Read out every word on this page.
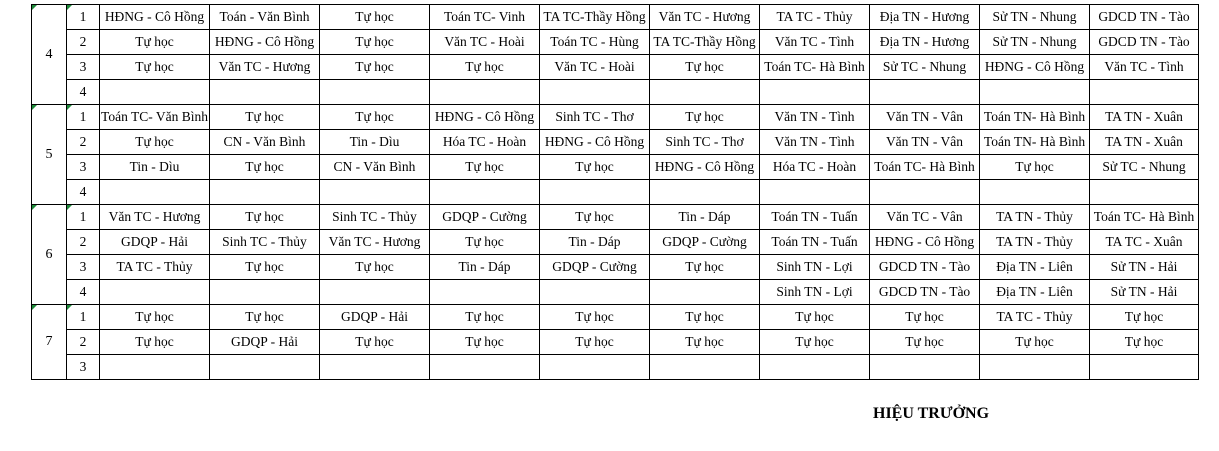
4	1	HĐNG - Cô Hồng	Toán - Văn Bình	Tự học	Toán TC- Vinh	TA TC-Thầy Hồng	Văn TC - Hương	TA TC - Thủy	Địa TN - Hương	Sử TN - Nhung	GDCD TN - Tào
	2	Tự học	HĐNG - Cô Hồng	Tự học	Văn TC - Hoài	Toán TC - Hùng	TA TC-Thầy Hồng	Văn TC - Tình	Địa TN - Hương	Sử TN - Nhung	GDCD TN - Tào
	3	Tự học	Văn TC - Hương	Tự học	Tự học	Văn TC - Hoài	Tự học	Toán TC- Hà Bình	Sử TC - Nhung	HĐNG - Cô Hồng	Văn TC - Tình
	4										
5	1	Toán TC- Văn Bình	Tự học	Tự học	HĐNG - Cô Hồng	Sinh TC - Thơ	Tự học	Văn TN - Tình	Văn TN - Vân	Toán TN- Hà Bình	TA TN - Xuân
	2	Tự học	CN - Văn Bình	Tin - Dìu	Hóa TC - Hoàn	HĐNG - Cô Hồng	Sinh TC - Thơ	Văn TN - Tình	Văn TN - Vân	Toán TN- Hà Bình	TA TN - Xuân
	3	Tin - Dìu	Tự học	CN - Văn Bình	Tự học	Tự học	HĐNG - Cô Hồng	Hóa TC - Hoàn	Toán TC- Hà Bình	Tự học	Sử TC - Nhung
	4										
6	1	Văn TC - Hương	Tự học	Sinh TC - Thủy	GDQP - Cường	Tự học	Tin - Dáp	Toán TN - Tuấn	Văn TC - Vân	TA TN - Thủy	Toán TC- Hà Bình
	2	GDQP - Hải	Sinh TC - Thủy	Văn TC - Hương	Tự học	Tin - Dáp	GDQP - Cường	Toán TN - Tuấn	HĐNG - Cô Hồng	TA TN - Thủy	TA TC - Xuân
	3	TA TC - Thủy	Tự học	Tự học	Tin - Dáp	GDQP - Cường	Tự học	Sinh TN - Lợi	GDCD TN - Tào	Địa TN - Liên	Sử TN - Hải
	4							Sinh TN - Lợi	GDCD TN - Tào	Địa TN - Liên	Sử TN - Hải
7	1	Tự học	Tự học	GDQP - Hải	Tự học	Tự học	Tự học	Tự học	Tự học	TA TC - Thủy	Tự học
	2	Tự học	GDQP - Hải	Tự học	Tự học	Tự học	Tự học	Tự học	Tự học	Tự học	Tự học
	3										
HIỆU TRƯỞNG
